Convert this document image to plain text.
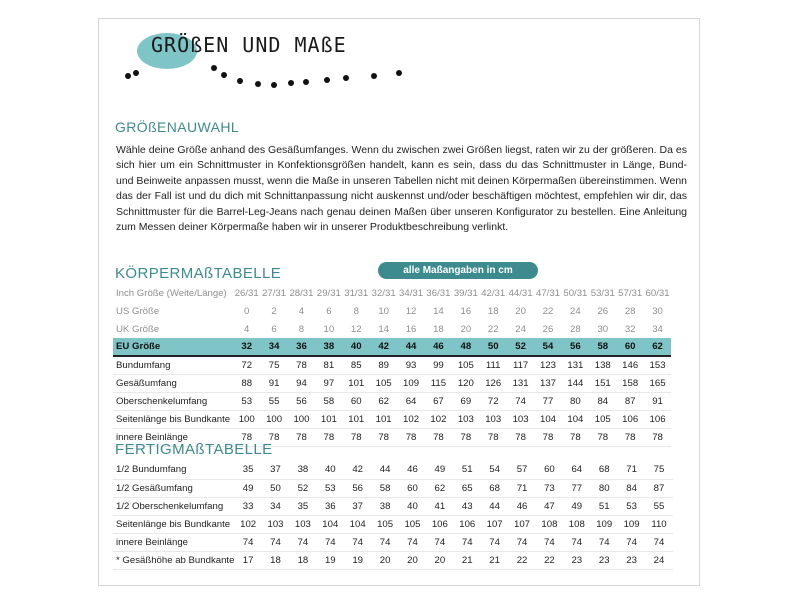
GRÖßEN UND MAßE
GRÖßENAUWAHL

Wähle deine Größe anhand des Gesäßumfanges. Wenn du zwischen zwei Größen liegst, raten wir zu der größeren. Da es sich hier um ein Schnittmuster in Konfektionsgrößen handelt, kann es sein, dass du das Schnittmuster in Länge, Bund- und Beinweite anpassen musst, wenn die Maße in unseren Tabellen nicht mit deinen Körpermaßen übereinstimmen. Wenn das der Fall ist und du dich mit Schnittanpassung nicht auskennst und/oder beschäftigen möchtest, empfehlen wir dir, das Schnittmuster für die Barrel-Leg-Jeans nach genau deinen Maßen über unseren Konfigurator zu bestellen. Eine Anleitung zum Messen deiner Körpermaße haben wir in unserer Produktbeschreibung verlinkt.

KÖRPERMAßTABELLE	alle Maßangaben in cm
Inch Größe (Weite/Länge)	26/31	27/31	28/31	29/31	31/31	32/31	34/31	36/31	39/31	42/31	44/31	47/31	50/31	53/31	57/31	60/31
US Größe	0	2	4	6	8	10	12	14	16	18	20	22	24	26	28	30
UK Größe	4	6	8	10	12	14	16	18	20	22	24	26	28	30	32	34
EU Größe	32	34	36	38	40	42	44	46	48	50	52	54	56	58	60	62
Bundumfang	72	75	78	81	85	89	93	99	105	111	117	123	131	138	146	153
Gesäßumfang	88	91	94	97	101	105	109	115	120	126	131	137	144	151	158	165
Oberschenkelumfang	53	55	56	58	60	62	64	67	69	72	74	77	80	84	87	91
Seitenlänge bis Bundkante	100	100	100	101	101	101	102	102	103	103	103	104	104	105	106	106
innere Beinlänge	78	78	78	78	78	78	78	78	78	78	78	78	78	78	78	78
FERTIGMAßTABELLE
1/2 Bundumfang	35	37	38	40	42	44	46	49	51	54	57	60	64	68	71	75
1/2 Gesäßumfang	49	50	52	53	56	58	60	62	65	68	71	73	77	80	84	87
1/2 Oberschenkelumfang	33	34	35	36	37	38	40	41	43	44	46	47	49	51	53	55
Seitenlänge bis Bundkante	102	103	103	104	104	105	105	106	106	107	107	108	108	109	109	110
innere Beinlänge	74	74	74	74	74	74	74	74	74	74	74	74	74	74	74	74
* Gesäßhöhe ab Bundkante	17	18	18	19	19	20	20	20	21	21	22	22	23	23	23	24
